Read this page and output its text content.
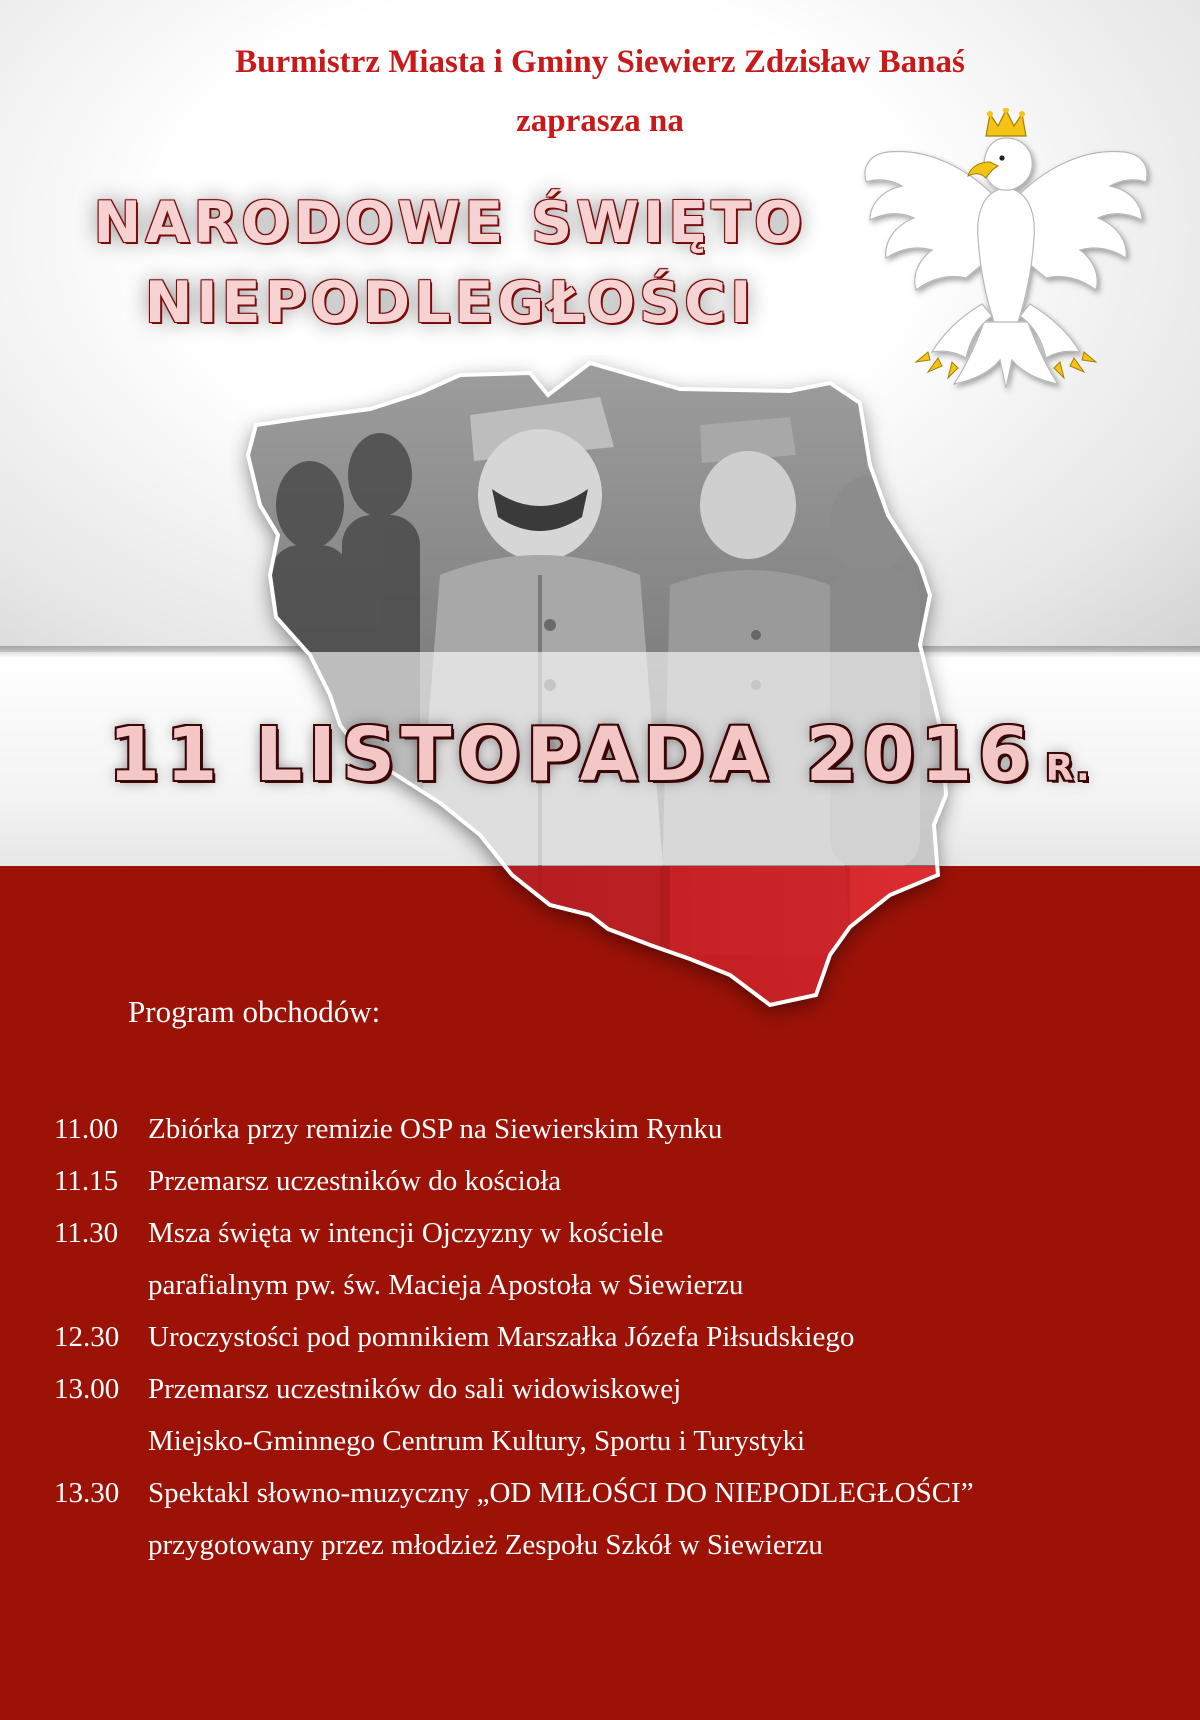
Burmistrz Miasta i Gminy Siewierz Zdzisław Banaś
zaprasza na
NARODOWE ŚWIĘTO
NIEPODLEGŁOŚCI
11 LISTOPADA 2016 R.
Program obchodów:
11.00	Zbiórka przy remizie OSP na Siewierskim Rynku
11.15	Przemarsz uczestników do kościoła
11.30	Msza święta w intencji Ojczyzny w kościele
parafialnym pw. św. Macieja Apostoła w Siewierzu
12.30 Uroczystości pod pomnikiem Marszałka Józefa Piłsudskiego
13.00 Przemarsz uczestników do sali widowiskowej
Miejsko-Gminnego Centrum Kultury, Sportu i Turystyki
13.30 Spektakl słowno-muzyczny „OD MIŁOŚCI DO NIEPODLEGŁOŚCI”
przygotowany przez młodzież Zespołu Szkół w Siewierzu
